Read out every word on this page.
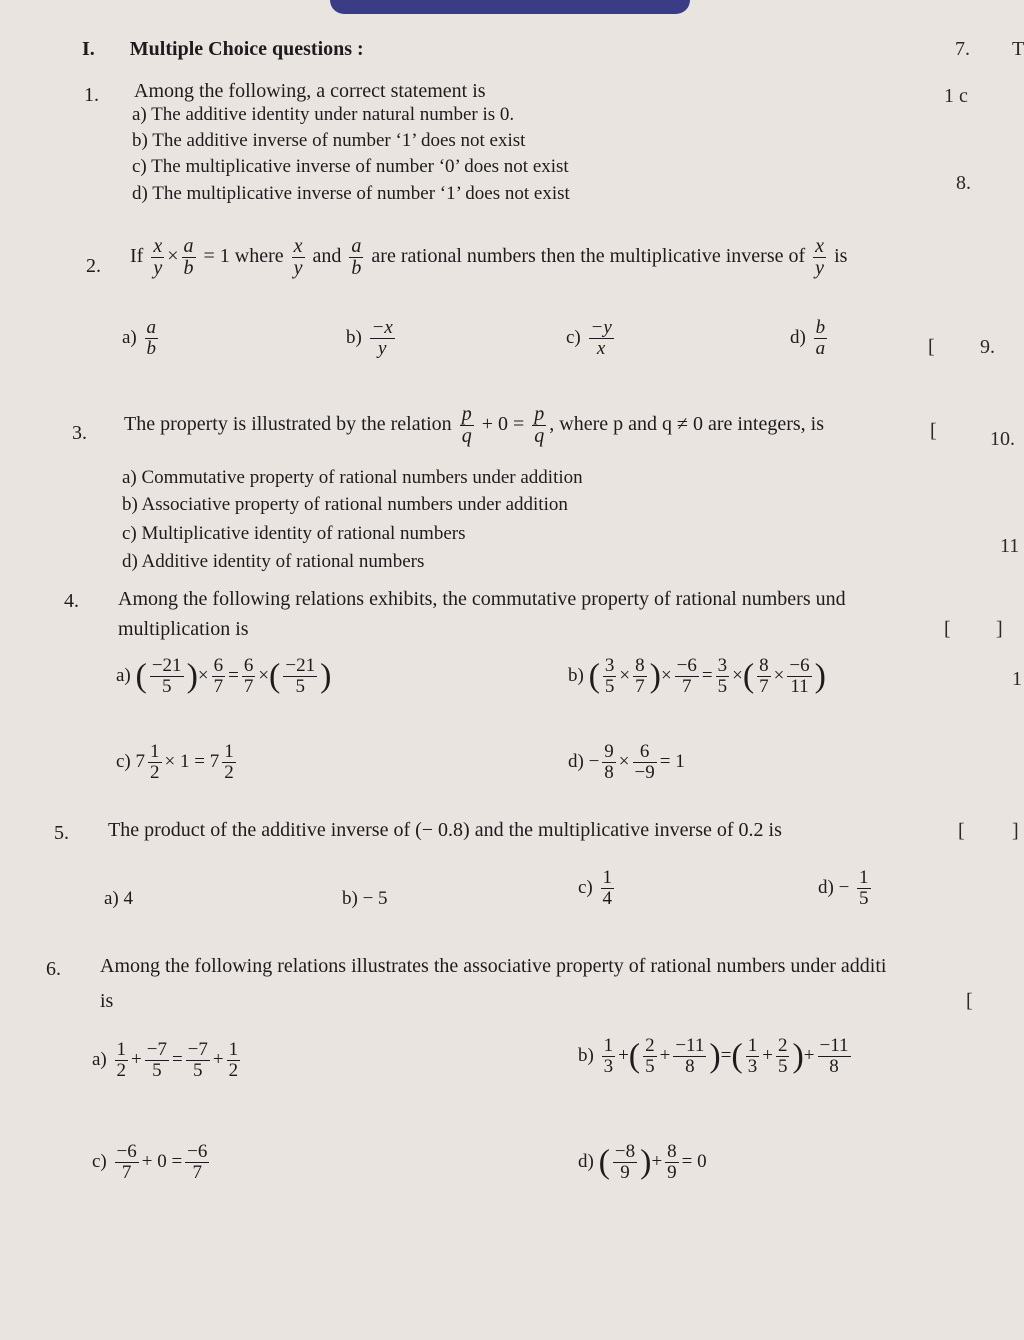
I. Multiple Choice questions :
1. Among the following, a correct statement is
a) The additive identity under natural number is 0.
b) The additive inverse of number ‘1’ does not exist
c) The multiplicative inverse of number ‘0’ does not exist
d) The multiplicative inverse of number ‘1’ does not exist
2. If $\frac{x}{y} \times \frac{a}{b} = 1$ where $\frac{x}{y}$ and $\frac{a}{b}$ are rational numbers then the multiplicative inverse of $\frac{x}{y}$ is
$a) \frac{a}{b}$	$b) \frac{-x}{y}$	$c) \frac{-y}{x}$	$d) \frac{b}{a}$
3. The property is illustrated by the relation $\frac{p}{q} + 0 = \frac{p}{q}$ , where p and q ≠ 0 are integers, is
a) Commutative property of rational numbers under addition
b) Associative property of rational numbers under addition
c) Multiplicative identity of rational numbers
d) Additive identity of rational numbers
4. Among the following relations exhibits, the commutative property of rational numbers und
multiplication is
a) ( $\frac{-21}{5}$ )× $\frac{6}{7} = \frac{6}{7}$ ×( $\frac{-21}{5}$ )	b) ( $\frac{3}{5} \times \frac{8}{7}$ )× $\frac{-6}{7} = \frac{3}{5}$ ×( $\frac{8}{7} \times \frac{-6}{11}$ )
c) $7 \frac{1}{2} \times 1 = 7 \frac{1}{2}$	$d) - \frac{9}{8} \times \frac{6}{-9} = 1$
5. The product of the additive inverse of (− 0.8) and the multiplicative inverse of 0.2 is
a) 4	b) − 5
$c) \frac{1}{4}$	$d) - \frac{1}{5}$
6. Among the following relations illustrates the associative property of rational numbers under additi
is
$a) \frac{1}{2} + \frac{-7}{5} = \frac{-7}{5} + \frac{1}{2}$	$b) \frac{1}{3}$ +( $\frac{2}{5} + \frac{-11}{8}$ )=( $\frac{1}{3} + \frac{2}{5}$ )+ $\frac{-11}{8}$
$c) \frac{-6}{7} + 0 = \frac{-6}{7}$	d) ( $\frac{-8}{9}$ )+ $\frac{8}{9} = 0$
7. T
1 c
8.
9.
10.
11
1
[
[
[ ]
[ ]
[
